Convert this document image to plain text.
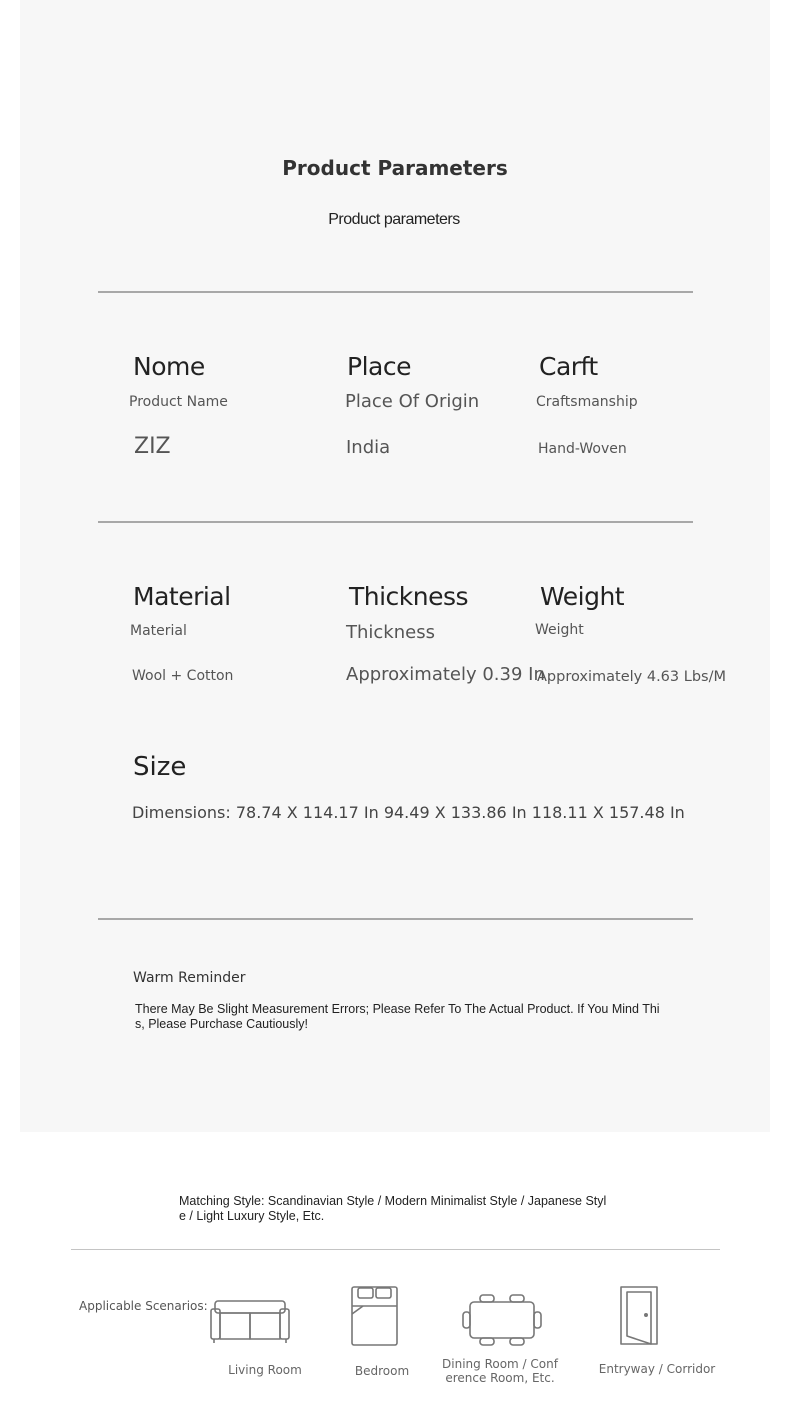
Product Parameters
Product parameters
Nome
Product Name
ZIZ
Place
Place Of Origin
India
Carft
Craftsmanship
Hand-Woven
Material
Material
Wool + Cotton
Thickness
Thickness
Approximately 0.39 In
Weight
Weight
Approximately 4.63 Lbs/M
Size
Dimensions: 78.74 X 114.17 In 94.49 X 133.86 In 118.11 X 157.48 In
Warm Reminder
There May Be Slight Measurement Errors; Please Refer To The Actual Product. If You Mind This, Please Purchase Cautiously!
Matching Style: Scandinavian Style / Modern Minimalist Style / Japanese Style / Light Luxury Style, Etc.
Applicable Scenarios:
Living Room	Bedroom	Dining Room / Conference Room, Etc.
Entryway / Corridor
